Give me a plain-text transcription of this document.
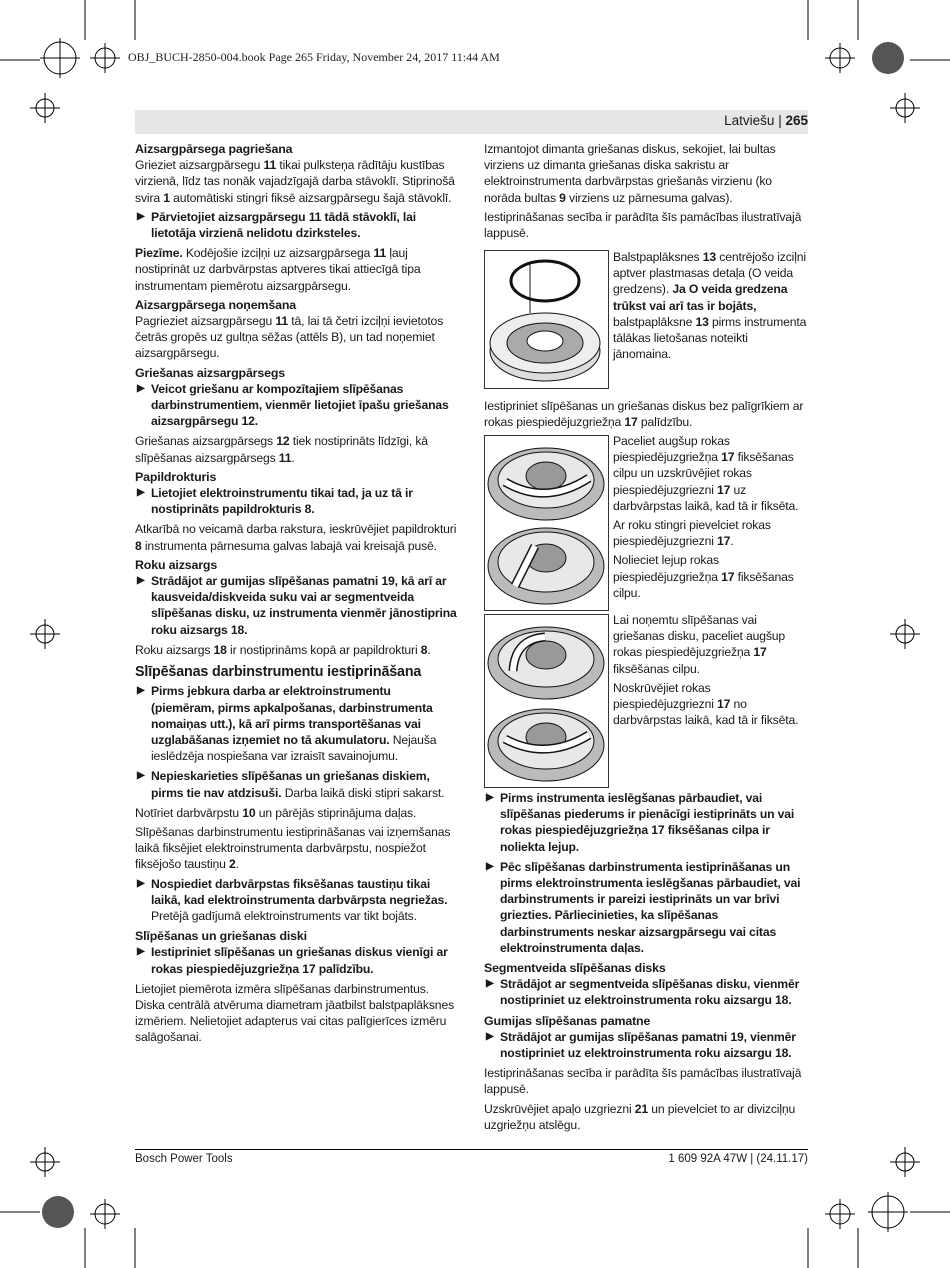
OBJ_BUCH-2850-004.book Page 265 Friday, November 24, 2017 11:44 AM
Latviešu | 265
Aizsargpārsega pagriešana

Grieziet aizsargpārsegu 11 tikai pulksteņa rādītāju kustības virzienā, līdz tas nonāk vajadzīgajā darba stāvoklī. Stiprinošā svira 1 automātiski stingri fiksē aizsargpārsegu šajā stāvoklī.

▶ Pārvietojiet aizsargpārsegu 11 tādā stāvoklī, lai lietotāja virzienā nelidotu dzirksteles.

Piezīme. Kodējošie izciļņi uz aizsargpārsega 11 ļauj nostiprināt uz darbvārpstas aptveres tikai attiecīgā tipa instrumentam piemērotu aizsargpārsegu.

Aizsargpārsega noņemšana

Pagrieziet aizsargpārsegu 11 tā, lai tā četri izciļņi ievietotos četrās gropēs uz gultņa sēžas (attēls B), un tad noņemiet aizsargpārsegu.

Griešanas aizsargpārsegs
▶ Veicot griešanu ar kompozītajiem slīpēšanas darbinstrumentiem, vienmēr lietojiet īpašu griešanas aizsargpārsegu 12.

Griešanas aizsargpārsegs 12 tiek nostiprināts līdzīgi, kā slīpēšanas aizsargpārsegs 11.

Papildrokturis
▶ Lietojiet elektroinstrumentu tikai tad, ja uz tā ir nostiprināts papildrokturis 8.

Atkarībā no veicamā darba rakstura, ieskrūvējiet papildrokturi 8 instrumenta pārnesuma galvas labajā vai kreisajā pusē.

Roku aizsargs
▶ Strādājot ar gumijas slīpēšanas pamatni 19, kā arī ar kausveida/diskveida suku vai ar segmentveida slīpēšanas disku, uz instrumenta vienmēr jānostiprina roku aizsargs 18.

Roku aizsargs 18 ir nostiprināms kopā ar papildrokturi 8.

Slīpēšanas darbinstrumentu iestiprināšana
▶ Pirms jebkura darba ar elektroinstrumentu (piemēram, pirms apkalpošanas, darbinstrumenta nomaiņas utt.), kā arī pirms transportēšanas vai uzglabāšanas izņemiet no tā akumulatoru. Nejauša ieslēdzēja nospiešana var izraisīt savainojumu.
▶ Nepieskarieties slīpēšanas un griešanas diskiem, pirms tie nav atdzisuši. Darba laikā diski stipri sakarst.

Notīriet darbvārpstu 10 un pārējās stiprinājuma daļas.

Slīpēšanas darbinstrumentu iestiprināšanas vai izņemšanas laikā fiksējiet elektroinstrumenta darbvārpstu, nospiežot fiksējošo taustiņu 2.

▶ Nospiediet darbvārpstas fiksēšanas taustiņu tikai laikā, kad elektroinstrumenta darbvārpsta negriežas. Pretējā gadījumā elektroinstruments var tikt bojāts.
Slīpēšanas un griešanas diski
▶ Iestipriniet slīpēšanas un griešanas diskus vienīgi ar rokas piespiedējuzgriežņa 17 palīdzību.

Lietojiet piemērota izmēra slīpēšanas darbinstrumentus. Diska centrālā atvēruma diametram jāatbilst balstpaplāksnes izmēriem. Nelietojiet adapterus vai citas palīgierīces izmēru salāgošanai.

Izmantojot dimanta griešanas diskus, sekojiet, lai bultas virziens uz dimanta griešanas diska sakristu ar elektroinstrumenta darbvārpstas griešanās virzienu (ko norāda bultas 9 virziens uz pārnesuma galvas).

Iestiprināšanas secība ir parādīta šīs pamācības ilustratīvajā lappusē.

Balstpaplāksnes 13 centrējošo izciļni aptver plastmasas detaļa (O veida gredzens). Ja O veida gredzena trūkst vai arī tas ir bojāts, balstpaplāksne 13 pirms instrumenta tālākas lietošanas noteikti jānomaina.

Iestipriniet slīpēšanas un griešanas diskus bez palīgrīkiem ar rokas piespiedējuzgriežņa 17 palīdzību.

Paceliet augšup rokas piespiedējuzgriežņa 17 fiksēšanas cilpu un uzskrūvējiet rokas piespiedējuzgriezni 17 uz darbvārpstas laikā, kad tā ir fiksēta.

Ar roku stingri pievelciet rokas piespiedējuzgriezni 17.

Nolieciet lejup rokas piespiedējuzgriežņa 17 fiksēšanas cilpu.

Lai noņemtu slīpēšanas vai griešanas disku, paceliet augšup rokas piespiedējuzgriežņa 17 fiksēšanas cilpu.

Noskrūvējiet rokas piespiedējuzgriezni 17 no darbvārpstas laikā, kad tā ir fiksēta.

▶ Pirms instrumenta ieslēgšanas pārbaudiet, vai slīpēšanas piederums ir pienācīgi iestiprināts un vai rokas piespiedējuzgriežņa 17 fiksēšanas cilpa ir noliekta lejup.
▶ Pēc slīpēšanas darbinstrumenta iestiprināšanas un pirms elektroinstrumenta ieslēgšanas pārbaudiet, vai darbinstruments ir pareizi iestiprināts un var brīvi griezties. Pārliecinieties, ka slīpēšanas darbinstruments neskar aizsargpārsegu vai citas elektroinstrumenta daļas.
Segmentveida slīpēšanas disks
▶ Strādājot ar segmentveida slīpēšanas disku, vienmēr nostipriniet uz elektroinstrumenta roku aizsargu 18.
Gumijas slīpēšanas pamatne
▶ Strādājot ar gumijas slīpēšanas pamatni 19, vienmēr nostipriniet uz elektroinstrumenta roku aizsargu 18.

Iestiprināšanas secība ir parādīta šīs pamācības ilustratīvajā lappusē.

Uzskrūvējiet apaļo uzgriezni 21 un pievelciet to ar divizciļņu uzgriežņu atslēgu.

Bosch Power Tools	1 609 92A 47W | (24.11.17)
